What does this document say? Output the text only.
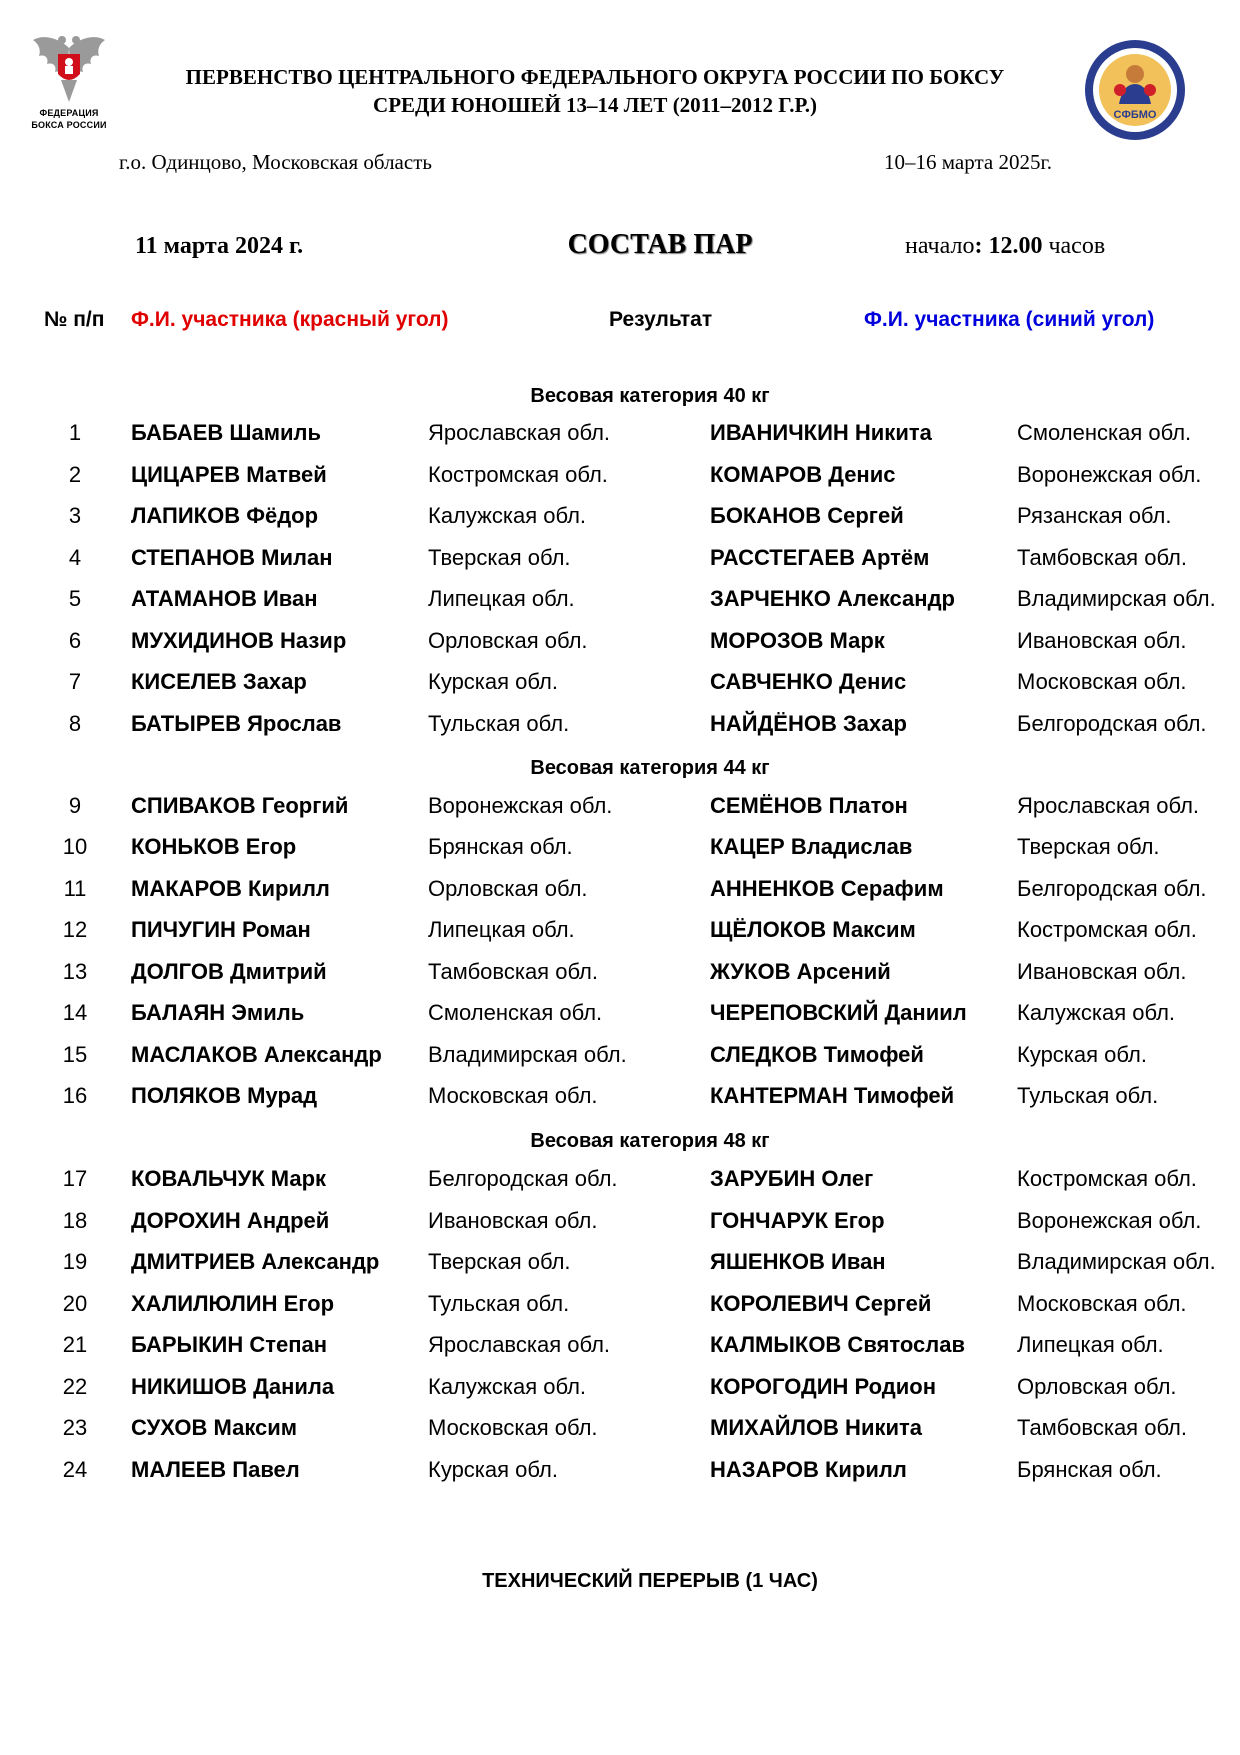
ФЕДЕРАЦИЯ
БОКСА РОССИИ
СФБМО
ПЕРВЕНСТВО ЦЕНТРАЛЬНОГО ФЕДЕРАЛЬНОГО ОКРУГА РОССИИ ПО БОКСУ
СРЕДИ ЮНОШЕЙ 13–14 ЛЕТ (2011–2012 Г.Р.)
г.о. Одинцово, Московская область	10–16 марта 2025г.
11 марта 2024 г.	СОСТАВ ПАР	начало: 12.00 часов
№ п/п Ф.И. участника (красный угол)	Результат	Ф.И. участника (синий угол)
Весовая категория 40 кг
1	БАБАЕВ Шамиль	Ярославская обл.	ИВАНИЧКИН Никита	Смоленская обл.
2	ЦИЦАРЕВ Матвей	Костромская обл.	КОМАРОВ Денис	Воронежская обл.
3	ЛАПИКОВ Фёдор	Калужская обл.	БОКАНОВ Сергей	Рязанская обл.
4	СТЕПАНОВ Милан	Тверская обл.	РАССТЕГАЕВ Артём	Тамбовская обл.
5	АТАМАНОВ Иван	Липецкая обл.	ЗАРЧЕНКО Александр	Владимирская обл.
6	МУХИДИНОВ Назир	Орловская обл.	МОРОЗОВ Марк	Ивановская обл.
7	КИСЕЛЕВ Захар	Курская обл.	САВЧЕНКО Денис	Московская обл.
8	БАТЫРЕВ Ярослав	Тульская обл.	НАЙДЁНОВ Захар	Белгородская обл.
Весовая категория 44 кг
9	СПИВАКОВ Георгий	Воронежская обл.	СЕМЁНОВ Платон	Ярославская обл.
10	КОНЬКОВ Егор	Брянская обл.	КАЦЕР Владислав	Тверская обл.
11	МАКАРОВ Кирилл	Орловская обл.	АННЕНКОВ Серафим	Белгородская обл.
12	ПИЧУГИН Роман	Липецкая обл.	ЩЁЛОКОВ Максим	Костромская обл.
13	ДОЛГОВ Дмитрий	Тамбовская обл.	ЖУКОВ Арсений	Ивановская обл.
14	БАЛАЯН Эмиль	Смоленская обл.	ЧЕРЕПОВСКИЙ Даниил Калужская обл.
15	МАСЛАКОВ Александр Владимирская обл.	СЛЕДКОВ Тимофей	Курская обл.
16	ПОЛЯКОВ Мурад	Московская обл.	КАНТЕРМАН Тимофей	Тульская обл.
Весовая категория 48 кг
17	КОВАЛЬЧУК Марк	Белгородская обл.	ЗАРУБИН Олег	Костромская обл.
18	ДОРОХИН Андрей	Ивановская обл.	ГОНЧАРУК Егор	Воронежская обл.
19	ДМИТРИЕВ Александр Тверская обл.	ЯШЕНКОВ Иван	Владимирская обл.
20	ХАЛИЛЮЛИН Егор	Тульская обл.	КОРОЛЕВИЧ Сергей	Московская обл.
21	БАРЫКИН Степан	Ярославская обл.	КАЛМЫКОВ Святослав Липецкая обл.
22	НИКИШОВ Данила	Калужская обл.	КОРОГОДИН Родион	Орловская обл.
23	СУХОВ Максим	Московская обл.	МИХАЙЛОВ Никита	Тамбовская обл.
24	МАЛЕЕВ Павел	Курская обл.	НАЗАРОВ Кирилл	Брянская обл.
ТЕХНИЧЕСКИЙ ПЕРЕРЫВ (1 ЧАС)
